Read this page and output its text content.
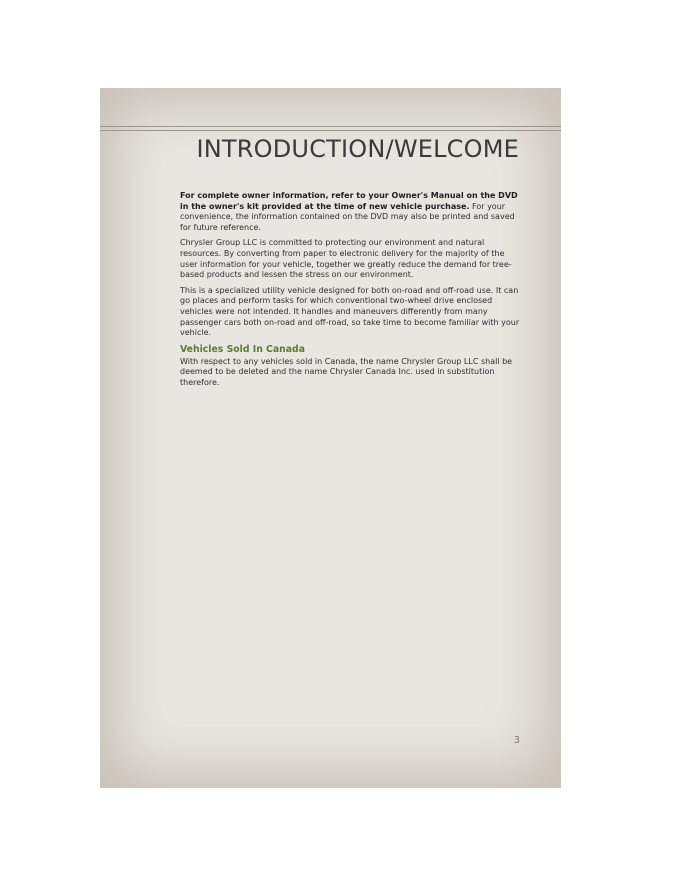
INTRODUCTION/WELCOME

For complete owner information, refer to your Owner's Manual on the DVD in the owner's kit provided at the time of new vehicle purchase. For your convenience, the information contained on the DVD may also be printed and saved for future reference.

Chrysler Group LLC is committed to protecting our environment and natural resources. By converting from paper to electronic delivery for the majority of the user information for your vehicle, together we greatly reduce the demand for tree-based products and lessen the stress on our environment.

This is a specialized utility vehicle designed for both on-road and off-road use. It can go places and perform tasks for which conventional two-wheel drive enclosed vehicles were not intended. It handles and maneuvers differently from many passenger cars both on-road and off-road, so take time to become familiar with your vehicle.

Vehicles Sold In Canada

With respect to any vehicles sold in Canada, the name Chrysler Group LLC shall be deemed to be deleted and the name Chrysler Canada Inc. used in substitution therefore.

3
